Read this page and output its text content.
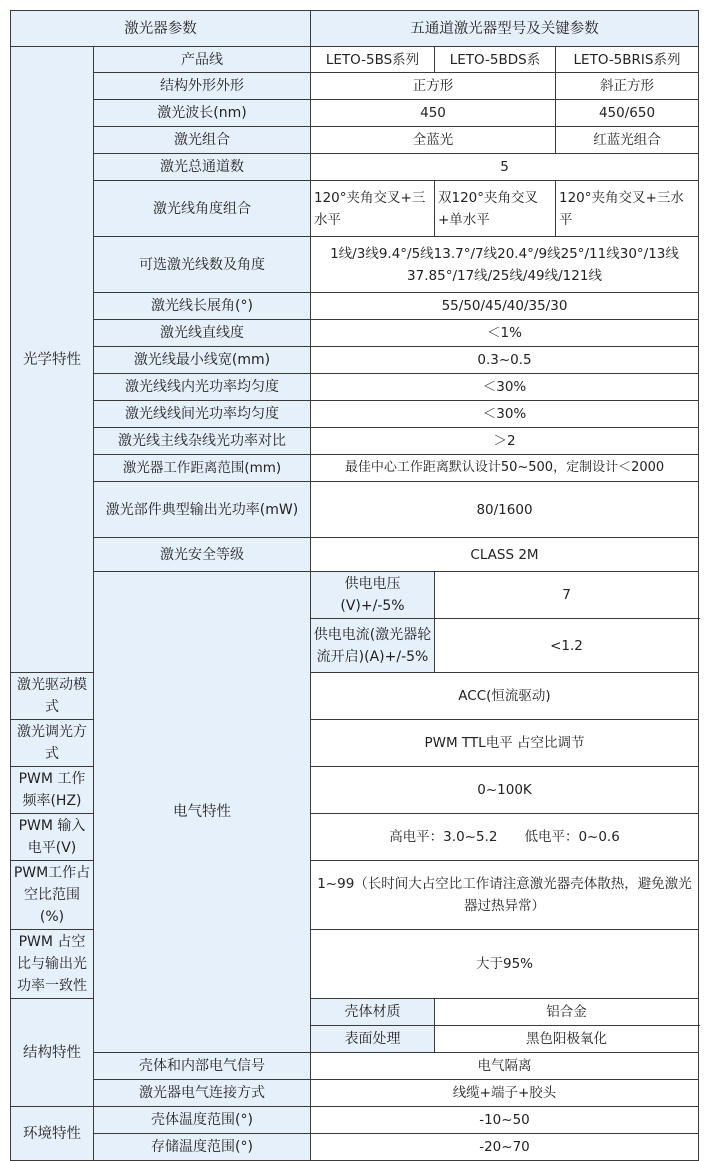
激光器参数		五通道激光器型号及关键参数		
光学特性	产品线	LETO-5BS系列	LETO-5BDS系	LETO-5BRIS系列
	结构外形外形	正方形		斜正方形
	激光波长(nm)	450		450/650
	激光组合	全蓝光		红蓝光组合
	激光总通道数	5		
	激光线角度组合	120°夹角交叉+三水平	双120°夹角交叉+单水平	120°夹角交叉+三水平
	可选激光线数及角度	1线/3线9.4°/5线13.7°/7线20.4°/9线25°/11线30°/13线37.85°/17线/25线/49线/121线		
	激光线长展角(°)	55/50/45/40/35/30		
	激光线直线度	＜1%		
	激光线最小线宽(mm)	0.3~0.5		
	激光线线内光功率均匀度	＜30%		
	激光线线间光功率均匀度	＜30%		
	激光线主线杂线光功率对比	＞2		
	激光器工作距离范围(mm)	最佳中心工作距离默认设计50~500，定制设计＜2000		
	激光部件典型输出光功率(mW)	80/1600		
	激光安全等级	CLASS 2M		
	电气特性	供电电压(V)+/-5%	7	
		供电电流(激光器轮流开启)(A)+/-5%	<1.2	
激光驱动模式		ACC(恒流驱动)		
激光调光方式		PWM TTL电平 占空比调节		
PWM 工作频率(HZ)		0~100K		
PWM 输入电平(V)		高电平：3.0~5.2　　低电平：0~0.6		
PWM工作占空比范围(%)		1~99（长时间大占空比工作请注意激光器壳体散热，避免激光器过热异常）		
PWM 占空比与输出光功率一致性		大于95%		
结构特性		壳体材质	铝合金	
		表面处理	黑色阳极氧化	
	壳体和内部电气信号	电气隔离		
	激光器电气连接方式	线缆+端子+胶头		
环境特性	壳体温度范围(°)	-10~50		
	存储温度范围(°)	-20~70		
